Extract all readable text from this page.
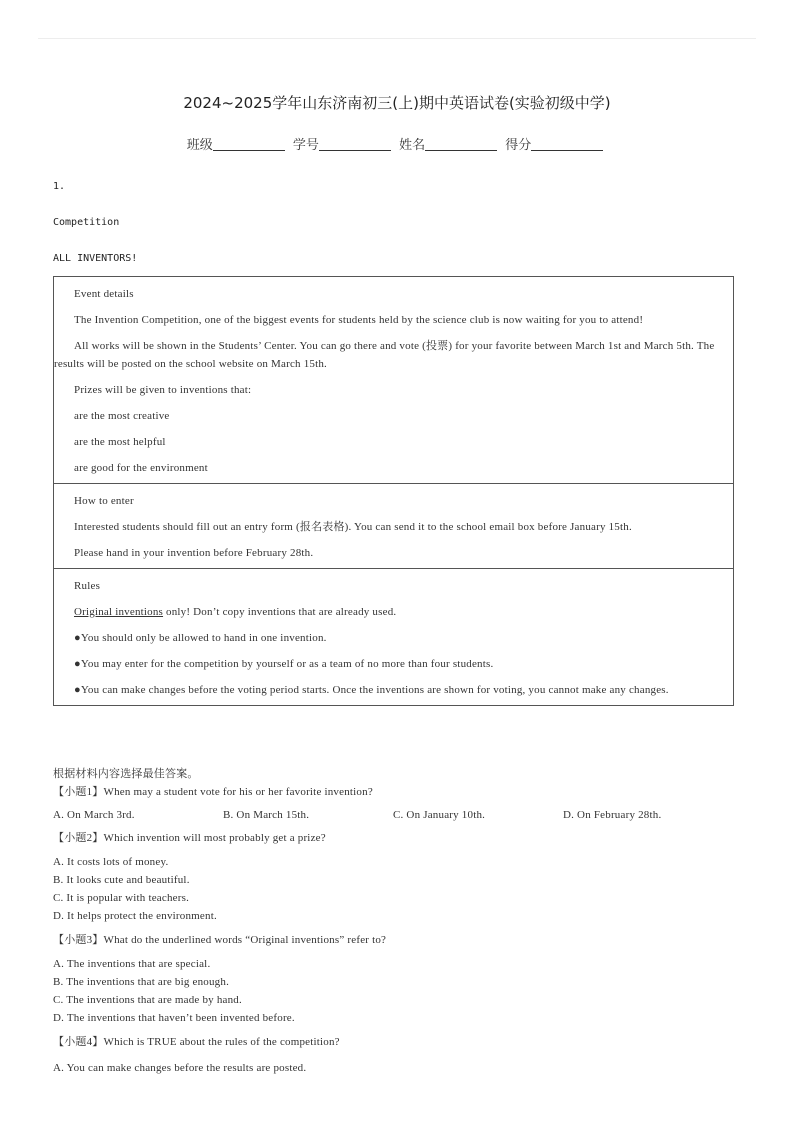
2024~2025学年山东济南初三(上)期中英语试卷(实验初级中学)
班级	学号	姓名	得分
1.
Competition
ALL INVENTORS!

Event details

The Invention Competition, one of the biggest events for students held by the science club is now waiting for you to attend!

All works will be shown in the Students’ Center. You can go there and vote (投票) for your favorite between March 1st and March 5th. The results will be posted on the school website on March 15th.

Prizes will be given to inventions that:

are the most creative

are the most helpful

are good for the environment

How to enter

Interested students should fill out an entry form (报名表格). You can send it to the school email box before January 15th.

Please hand in your invention before February 28th.

Rules

Original inventions only! Don’t copy inventions that are already used.

●You should only be allowed to hand in one invention.

●You may enter for the competition by yourself or as a team of no more than four students.

●You can make changes before the voting period starts. Once the inventions are shown for voting, you cannot make any changes.

根据材料内容选择最佳答案。

【小题1】When may a student vote for his or her favorite invention?

A. On March 3rd.	B. On March 15th.	C. On January 10th.	D. On February 28th.

【小题2】Which invention will most probably get a prize?

A. It costs lots of money.

B. It looks cute and beautiful.

C. It is popular with teachers.

D. It helps protect the environment.

【小题3】What do the underlined words “Original inventions” refer to?

A. The inventions that are special.

B. The inventions that are big enough.

C. The inventions that are made by hand.

D. The inventions that haven’t been invented before.

【小题4】Which is TRUE about the rules of the competition?

A. You can make changes before the results are posted.
